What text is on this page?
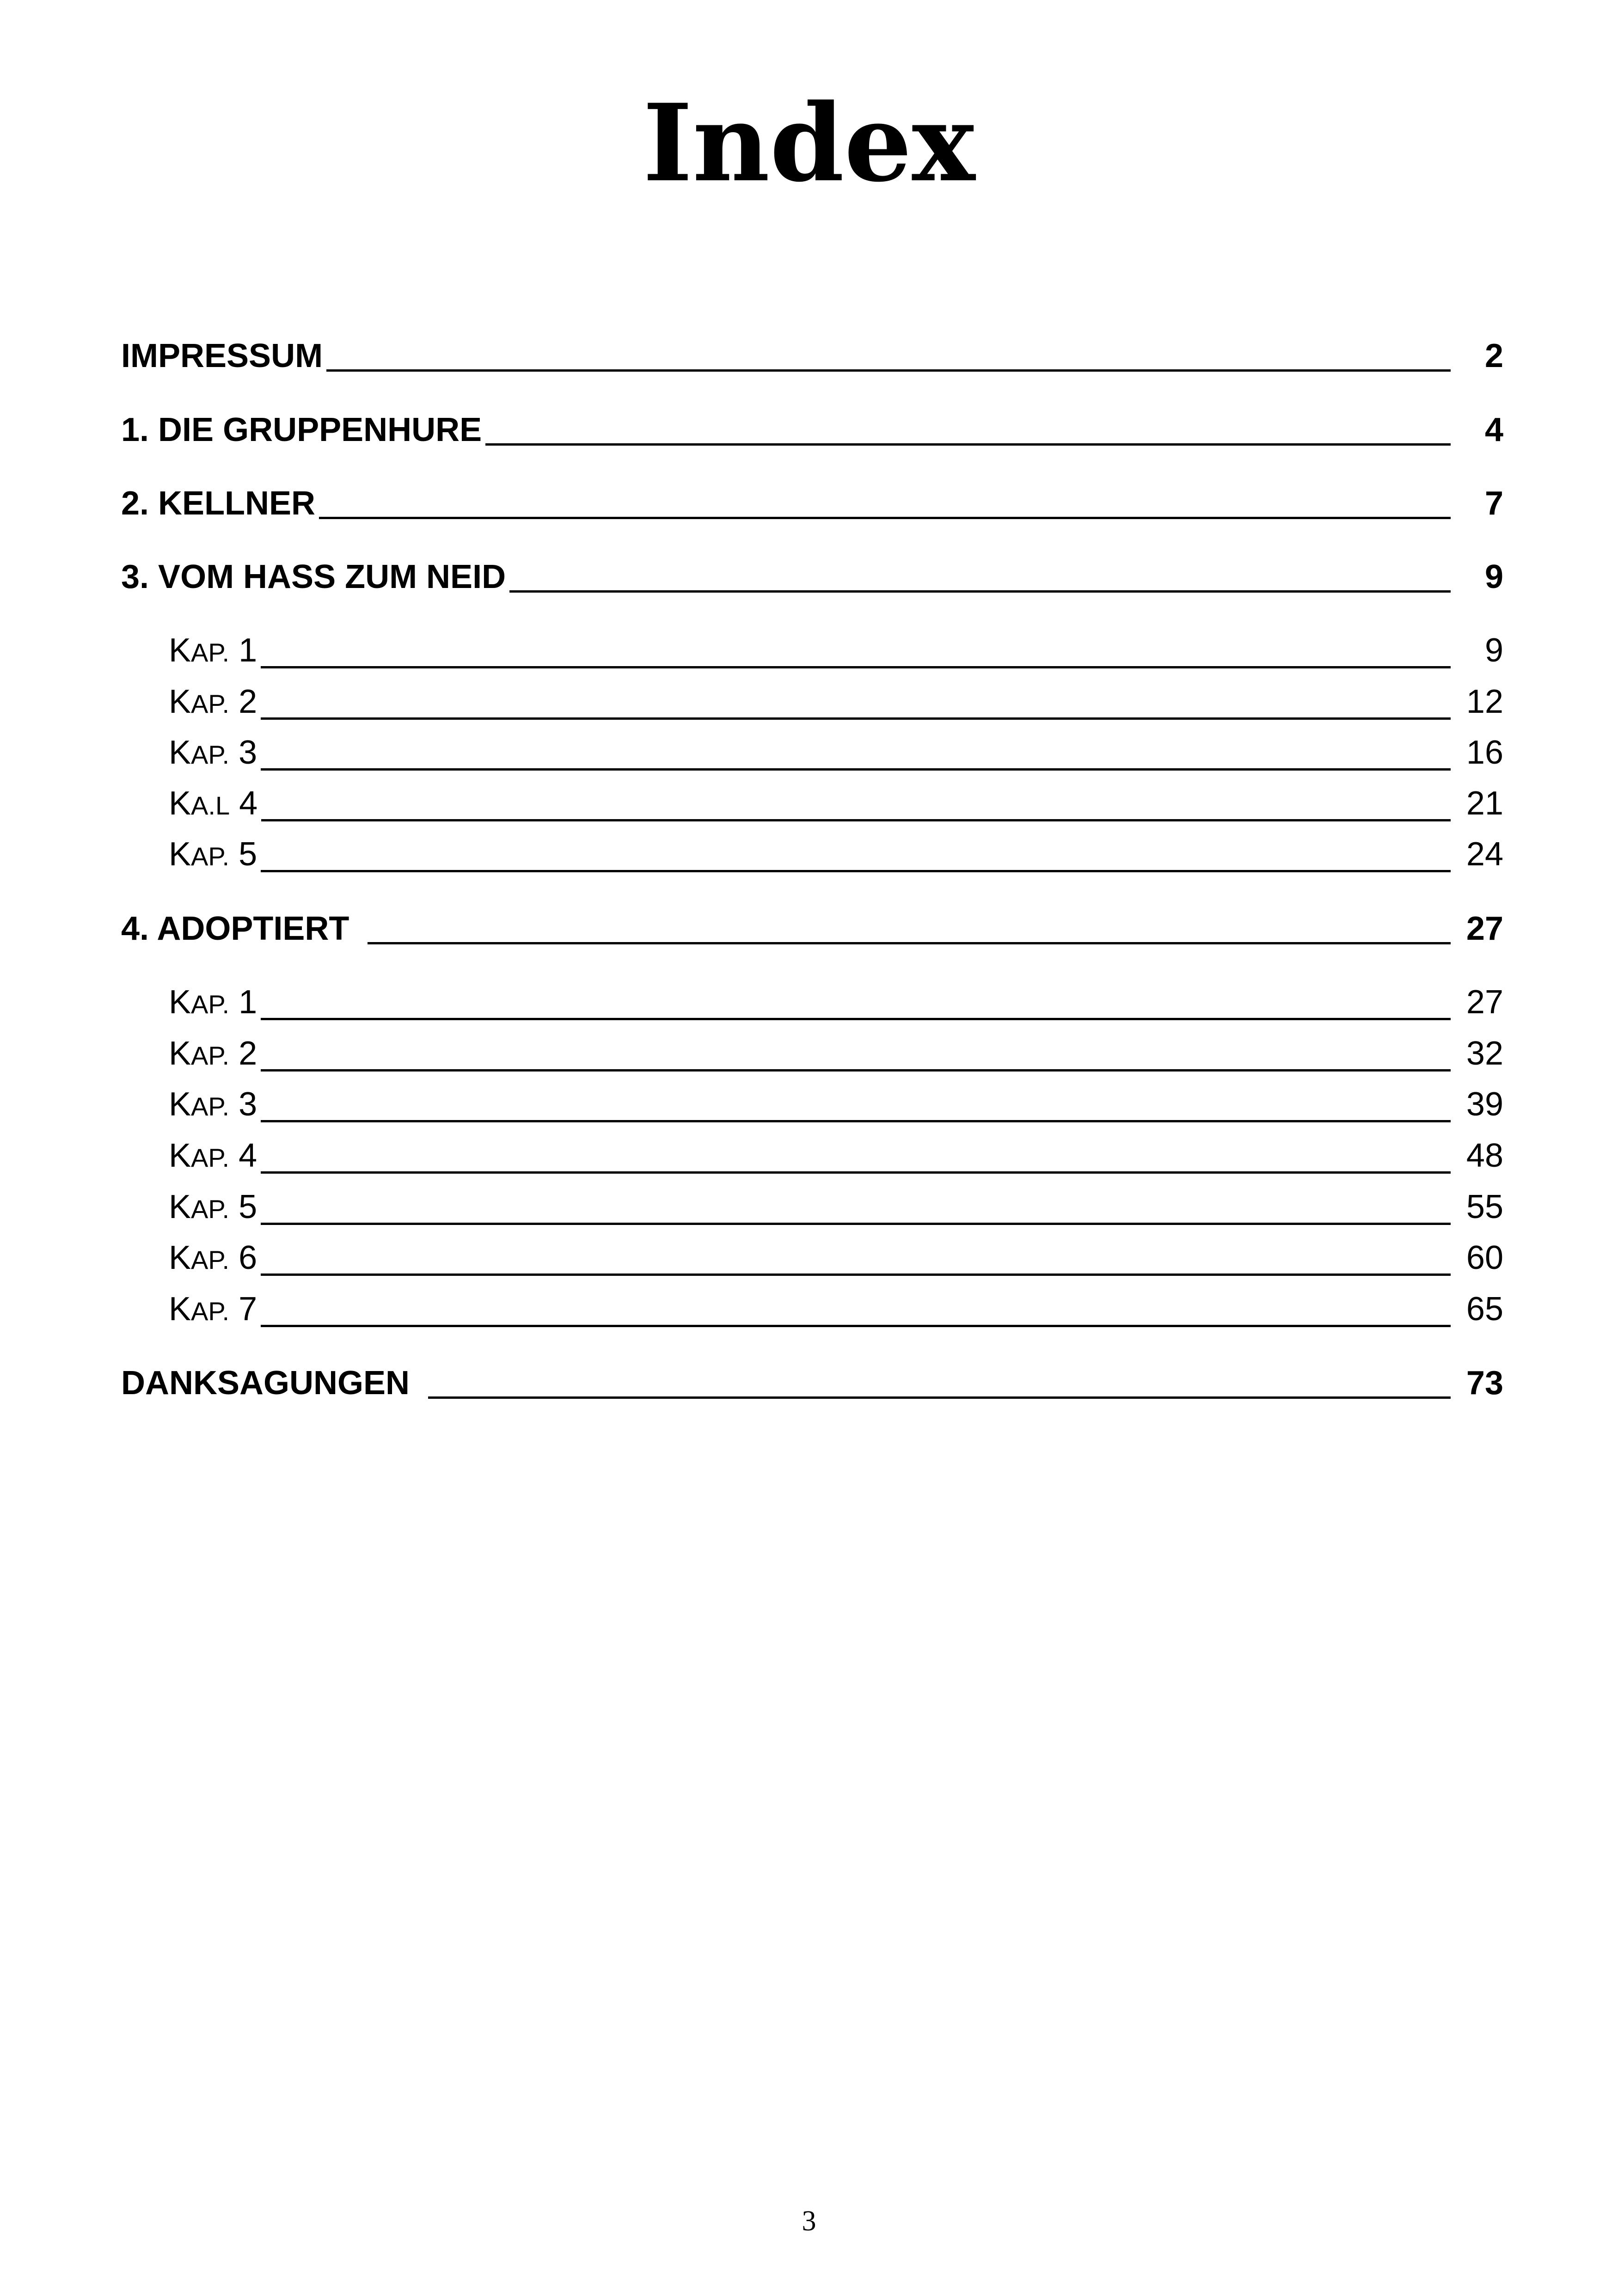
Index
IMPRESSUM	2
1. DIE GRUPPENHURE	4
2. KELLNER	7
3. VOM HASS ZUM NEID	9
KAP. 1	9
KAP. 2	12
KAP. 3	16
KA.L 4	21
KAP. 5	24
4. ADOPTIERT	27
KAP. 1	27
KAP. 2	32
KAP. 3	39
KAP. 4	48
KAP. 5	55
KAP. 6	60
KAP. 7	65
DANKSAGUNGEN	73
3
